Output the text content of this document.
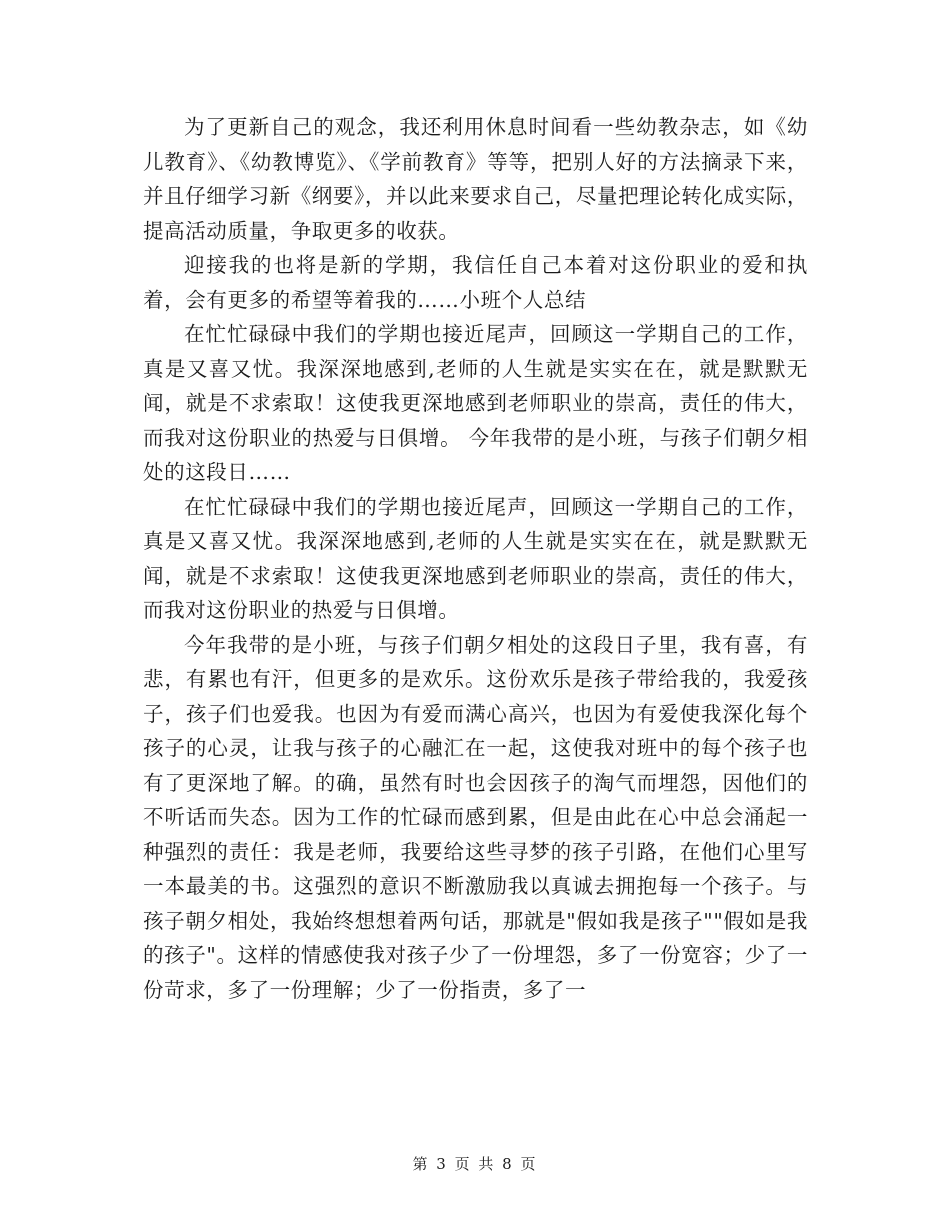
为了更新自己的观念，我还利用休息时间看一些幼教杂志，如《幼儿教育》、《幼教博览》、《学前教育》等等，把别人好的方法摘录下来，并且仔细学习新《纲要》，并以此来要求自己，尽量把理论转化成实际，提高活动质量，争取更多的收获。

迎接我的也将是新的学期，我信任自己本着对这份职业的爱和执着，会有更多的希望等着我的……小班个人总结

在忙忙碌碌中我们的学期也接近尾声，回顾这一学期自己的工作，真是又喜又忧。我深深地感到,老师的人生就是实实在在，就是默默无闻，就是不求索取！这使我更深地感到老师职业的崇高，责任的伟大，而我对这份职业的热爱与日俱增。 今年我带的是小班，与孩子们朝夕相处的这段日……

在忙忙碌碌中我们的学期也接近尾声，回顾这一学期自己的工作，真是又喜又忧。我深深地感到,老师的人生就是实实在在，就是默默无闻，就是不求索取！这使我更深地感到老师职业的崇高，责任的伟大，而我对这份职业的热爱与日俱增。

今年我带的是小班，与孩子们朝夕相处的这段日子里，我有喜，有悲，有累也有汗，但更多的是欢乐。这份欢乐是孩子带给我的，我爱孩子，孩子们也爱我。也因为有爱而满心高兴，也因为有爱使我深化每个孩子的心灵，让我与孩子的心融汇在一起，这使我对班中的每个孩子也有了更深地了解。的确，虽然有时也会因孩子的淘气而埋怨，因他们的不听话而失态。因为工作的忙碌而感到累，但是由此在心中总会涌起一种强烈的责任：我是老师，我要给这些寻梦的孩子引路，在他们心里写一本最美的书。这强烈的意识不断激励我以真诚去拥抱每一个孩子。与孩子朝夕相处，我始终想想着两句话，那就是"假如我是孩子""假如是我的孩子"。这样的情感使我对孩子少了一份埋怨，多了一份宽容；少了一份苛求，多了一份理解；少了一份指责，多了一

第 3 页 共 8 页
